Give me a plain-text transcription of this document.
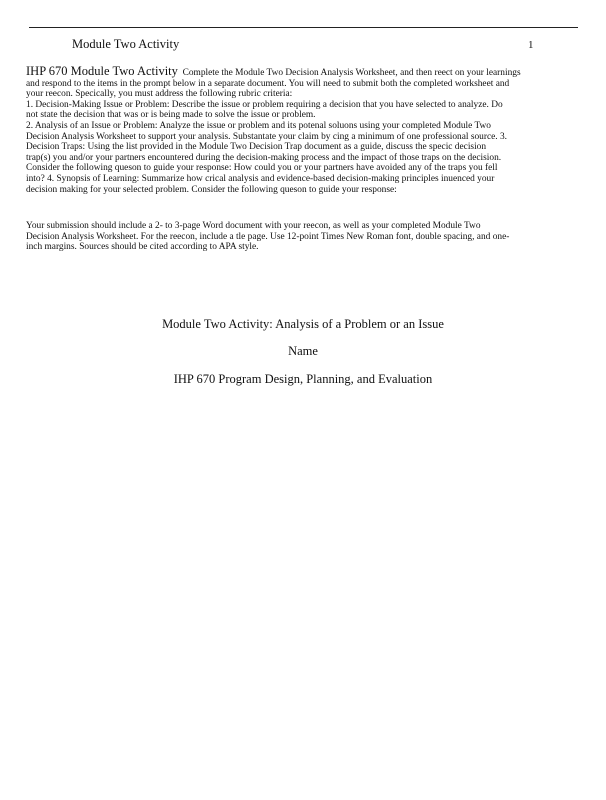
Module Two Activity	1
IHP 670 Module Two Activity Complete the Module Two Decision Analysis Worksheet, and then reect on your learnings
and respond to the items in the prompt below in a separate document. You will need to submit both the completed worksheet and
your reecon. Specically, you must address the following rubric criteria:
1. Decision-Making Issue or Problem: Describe the issue or problem requiring a decision that you have selected to analyze. Do
not state the decision that was or is being made to solve the issue or problem.
2. Analysis of an Issue or Problem: Analyze the issue or problem and its potenal soluons using your completed Module Two
Decision Analysis Worksheet to support your analysis. Substantate your claim by cing a minimum of one professional source. 3.
Decision Traps: Using the list provided in the Module Two Decision Trap document as a guide, discuss the specic decision
trap(s) you and/or your partners encountered during the decision-making process and the impact of those traps on the decision.
Consider the following queson to guide your response: How could you or your partners have avoided any of the traps you fell
into? 4. Synopsis of Learning: Summarize how crical analysis and evidence-based decision-making principles inuenced your
decision making for your selected problem. Consider the following queson to guide your response:
Your submission should include a 2- to 3-page Word document with your reecon, as well as your completed Module Two
Decision Analysis Worksheet. For the reecon, include a tle page. Use 12-point Times New Roman font, double spacing, and one-
inch margins. Sources should be cited according to APA style.
Module Two Activity: Analysis of a Problem or an Issue
Name
IHP 670 Program Design, Planning, and Evaluation
